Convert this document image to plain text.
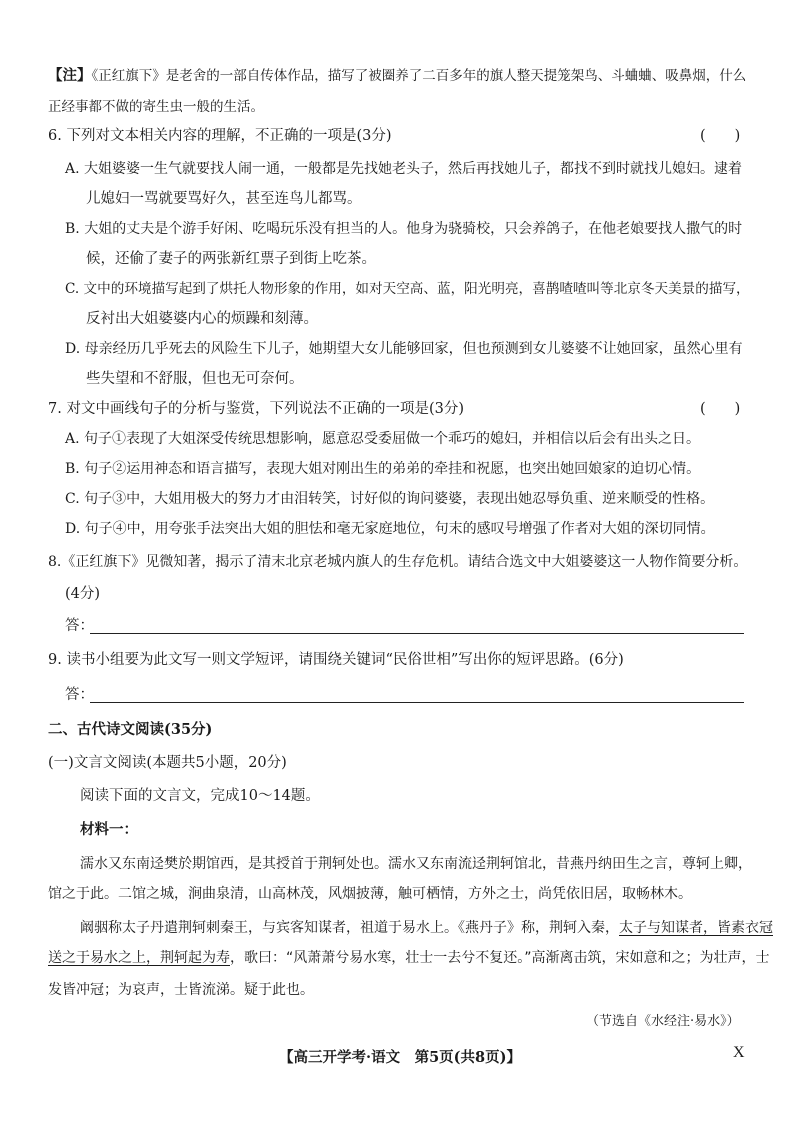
【注】《正红旗下》是老舍的一部自传体作品，描写了被圈养了二百多年的旗人整天提笼架鸟、斗蛐蛐、吸鼻烟，什么
正经事都不做的寄生虫一般的生活。
6. 下列对文本相关内容的理解，不正确的一项是(3分)	(　　)
A. 大姐婆婆一生气就要找人闹一通，一般都是先找她老头子，然后再找她儿子，都找不到时就找儿媳妇。逮着
儿媳妇一骂就要骂好久，甚至连鸟儿都骂。
B. 大姐的丈夫是个游手好闲、吃喝玩乐没有担当的人。他身为骁骑校，只会养鸽子，在他老娘要找人撒气的时
候，还偷了妻子的两张新红票子到街上吃茶。
C. 文中的环境描写起到了烘托人物形象的作用，如对天空高、蓝，阳光明亮，喜鹊喳喳叫等北京冬天美景的描写，
反衬出大姐婆婆内心的烦躁和刻薄。
D. 母亲经历几乎死去的风险生下儿子，她期望大女儿能够回家，但也预测到女儿婆婆不让她回家，虽然心里有
些失望和不舒服，但也无可奈何。
7. 对文中画线句子的分析与鉴赏，下列说法不正确的一项是(3分)	(　　)
A. 句子①表现了大姐深受传统思想影响，愿意忍受委屈做一个乖巧的媳妇，并相信以后会有出头之日。
B. 句子②运用神态和语言描写，表现大姐对刚出生的弟弟的牵挂和祝愿，也突出她回娘家的迫切心情。
C. 句子③中，大姐用极大的努力才由泪转笑，讨好似的询问婆婆，表现出她忍辱负重、逆来顺受的性格。
D. 句子④中，用夸张手法突出大姐的胆怯和毫无家庭地位，句末的感叹号增强了作者对大姐的深切同情。
8.《正红旗下》见微知著，揭示了清末北京老城内旗人的生存危机。请结合选文中大姐婆婆这一人物作简要分析。
(4分)
答：
9. 读书小组要为此文写一则文学短评，请围绕关键词“民俗世相”写出你的短评思路。(6分)
答：
二、古代诗文阅读(35分)
(一)文言文阅读(本题共5小题，20分)
阅读下面的文言文，完成10～14题。
材料一：
濡水又东南迳樊於期馆西，是其授首于荆轲处也。濡水又东南流迳荆轲馆北，昔燕丹纳田生之言，尊轲上卿，
馆之于此。二馆之城，涧曲泉清，山高林茂，风烟披薄，触可栖情，方外之士，尚凭依旧居，取畅林木。
阚骃称太子丹遣荆轲刺秦王，与宾客知谋者，祖道于易水上。《燕丹子》称，荆轲入秦，太子与知谋者，皆素衣冠
送之于易水之上，荆轲起为寿，歌曰：“风萧萧兮易水寒，壮士一去兮不复还。”高渐离击筑，宋如意和之；为壮声，士
发皆冲冠；为哀声，士皆流涕。疑于此也。
（节选自《水经注·易水》）
【高三开学考·语文　第5页(共8页)】	X
